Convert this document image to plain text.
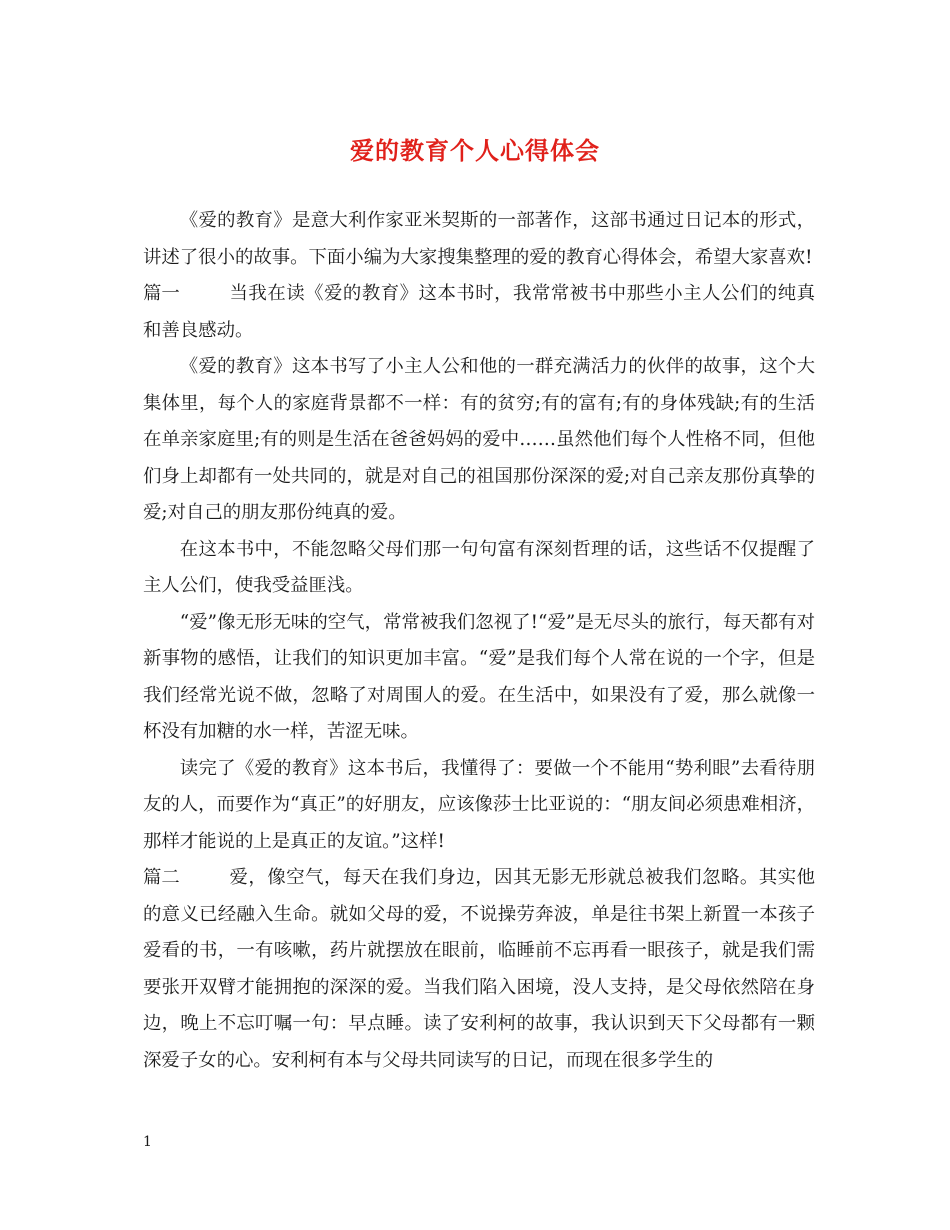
爱的教育个人心得体会

《爱的教育》是意大利作家亚米契斯的一部著作，这部书通过日记本的形式，讲述了很小的故事。下面小编为大家搜集整理的爱的教育心得体会，希望大家喜欢!

篇一	当我在读《爱的教育》这本书时，我常常被书中那些小主人公们的纯真和善良感动。

《爱的教育》这本书写了小主人公和他的一群充满活力的伙伴的故事，这个大集体里，每个人的家庭背景都不一样：有的贫穷;有的富有;有的身体残缺;有的生活在单亲家庭里;有的则是生活在爸爸妈妈的爱中……虽然他们每个人性格不同，但他们身上却都有一处共同的，就是对自己的祖国那份深深的爱;对自己亲友那份真挚的爱;对自己的朋友那份纯真的爱。

在这本书中，不能忽略父母们那一句句富有深刻哲理的话，这些话不仅提醒了主人公们，使我受益匪浅。

“爱”像无形无味的空气，常常被我们忽视了!“爱”是无尽头的旅行，每天都有对新事物的感悟，让我们的知识更加丰富。“爱”是我们每个人常在说的一个字，但是我们经常光说不做，忽略了对周围人的爱。在生活中，如果没有了爱，那么就像一杯没有加糖的水一样，苦涩无味。

读完了《爱的教育》这本书后，我懂得了：要做一个不能用“势利眼”去看待朋友的人，而要作为“真正”的好朋友，应该像莎士比亚说的：“朋友间必须患难相济，那样才能说的上是真正的友谊。”这样!

篇二	爱，像空气，每天在我们身边，因其无影无形就总被我们忽略。其实他的意义已经融入生命。就如父母的爱，不说操劳奔波，单是往书架上新置一本孩子爱看的书，一有咳嗽，药片就摆放在眼前，临睡前不忘再看一眼孩子，就是我们需要张开双臂才能拥抱的深深的爱。当我们陷入困境，没人支持，是父母依然陪在身边，晚上不忘叮嘱一句：早点睡。读了安利柯的故事，我认识到天下父母都有一颗深爱子女的心。安利柯有本与父母共同读写的日记，而现在很多学生的

1
